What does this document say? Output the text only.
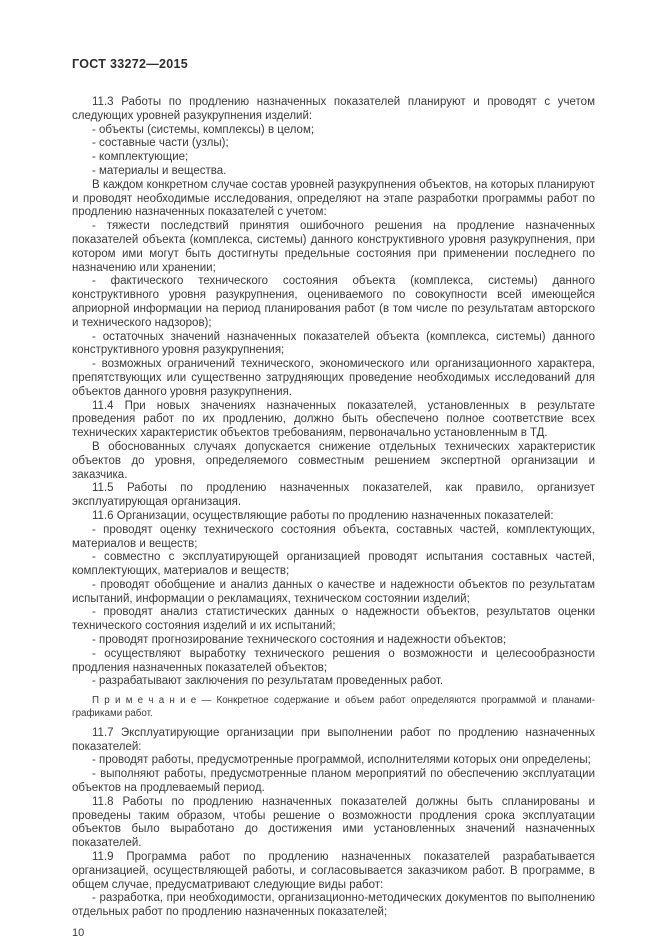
ГОСТ 33272—2015

11.3 Работы по продлению назначенных показателей планируют и проводят с учетом следующих уровней разукрупнения изделий:

- объекты (системы, комплексы) в целом;

- составные части (узлы);

- комплектующие;

- материалы и вещества.

В каждом конкретном случае состав уровней разукрупнения объектов, на которых планируют и проводят необходимые исследования, определяют на этапе разработки программы работ по продлению назначенных показателей с учетом:

- тяжести последствий принятия ошибочного решения на продление назначенных показателей объекта (комплекса, системы) данного конструктивного уровня разукрупнения, при котором ими могут быть достигнуты предельные состояния при применении последнего по назначению или хранении;

- фактического технического состояния объекта (комплекса, системы) данного конструктивного уровня разукрупнения, оцениваемого по совокупности всей имеющейся априорной информации на период планирования работ (в том числе по результатам авторского и технического надзоров);

- остаточных значений назначенных показателей объекта (комплекса, системы) данного конструктивного уровня разукрупнения;

- возможных ограничений технического, экономического или организационного характера, препятствующих или существенно затрудняющих проведение необходимых исследований для объектов данного уровня разукрупнения.

11.4 При новых значениях назначенных показателей, установленных в результате проведения работ по их продлению, должно быть обеспечено полное соответствие всех технических характеристик объектов требованиям, первоначально установленным в ТД.

В обоснованных случаях допускается снижение отдельных технических характеристик объектов до уровня, определяемого совместным решением экспертной организации и заказчика.

11.5 Работы по продлению назначенных показателей, как правило, организует эксплуатирующая организация.

11.6 Организации, осуществляющие работы по продлению назначенных показателей:

- проводят оценку технического состояния объекта, составных частей, комплектующих, материалов и веществ;

- совместно с эксплуатирующей организацией проводят испытания составных частей, комплектующих, материалов и веществ;

- проводят обобщение и анализ данных о качестве и надежности объектов по результатам испытаний, информации о рекламациях, техническом состоянии изделий;

- проводят анализ статистических данных о надежности объектов, результатов оценки технического состояния изделий и их испытаний;

- проводят прогнозирование технического состояния и надежности объектов;

- осуществляют выработку технического решения о возможности и целесообразности продления назначенных показателей объектов;

- разрабатывают заключения по результатам проведенных работ.

П р и м е ч а н и е — Конкретное содержание и объем работ определяются программой и планами-графиками работ.

11.7 Эксплуатирующие организации при выполнении работ по продлению назначенных показателей:

- проводят работы, предусмотренные программой, исполнителями которых они определены;

- выполняют работы, предусмотренные планом мероприятий по обеспечению эксплуатации объектов на продлеваемый период.

11.8 Работы по продлению назначенных показателей должны быть спланированы и проведены таким образом, чтобы решение о возможности продления срока эксплуатации объектов было выработано до достижения ими установленных значений назначенных показателей.

11.9 Программа работ по продлению назначенных показателей разрабатывается организацией, осуществляющей работы, и согласовывается заказчиком работ. В программе, в общем случае, предусматривают следующие виды работ:

- разработка, при необходимости, организационно-методических документов по выполнению отдельных работ по продлению назначенных показателей;

10
